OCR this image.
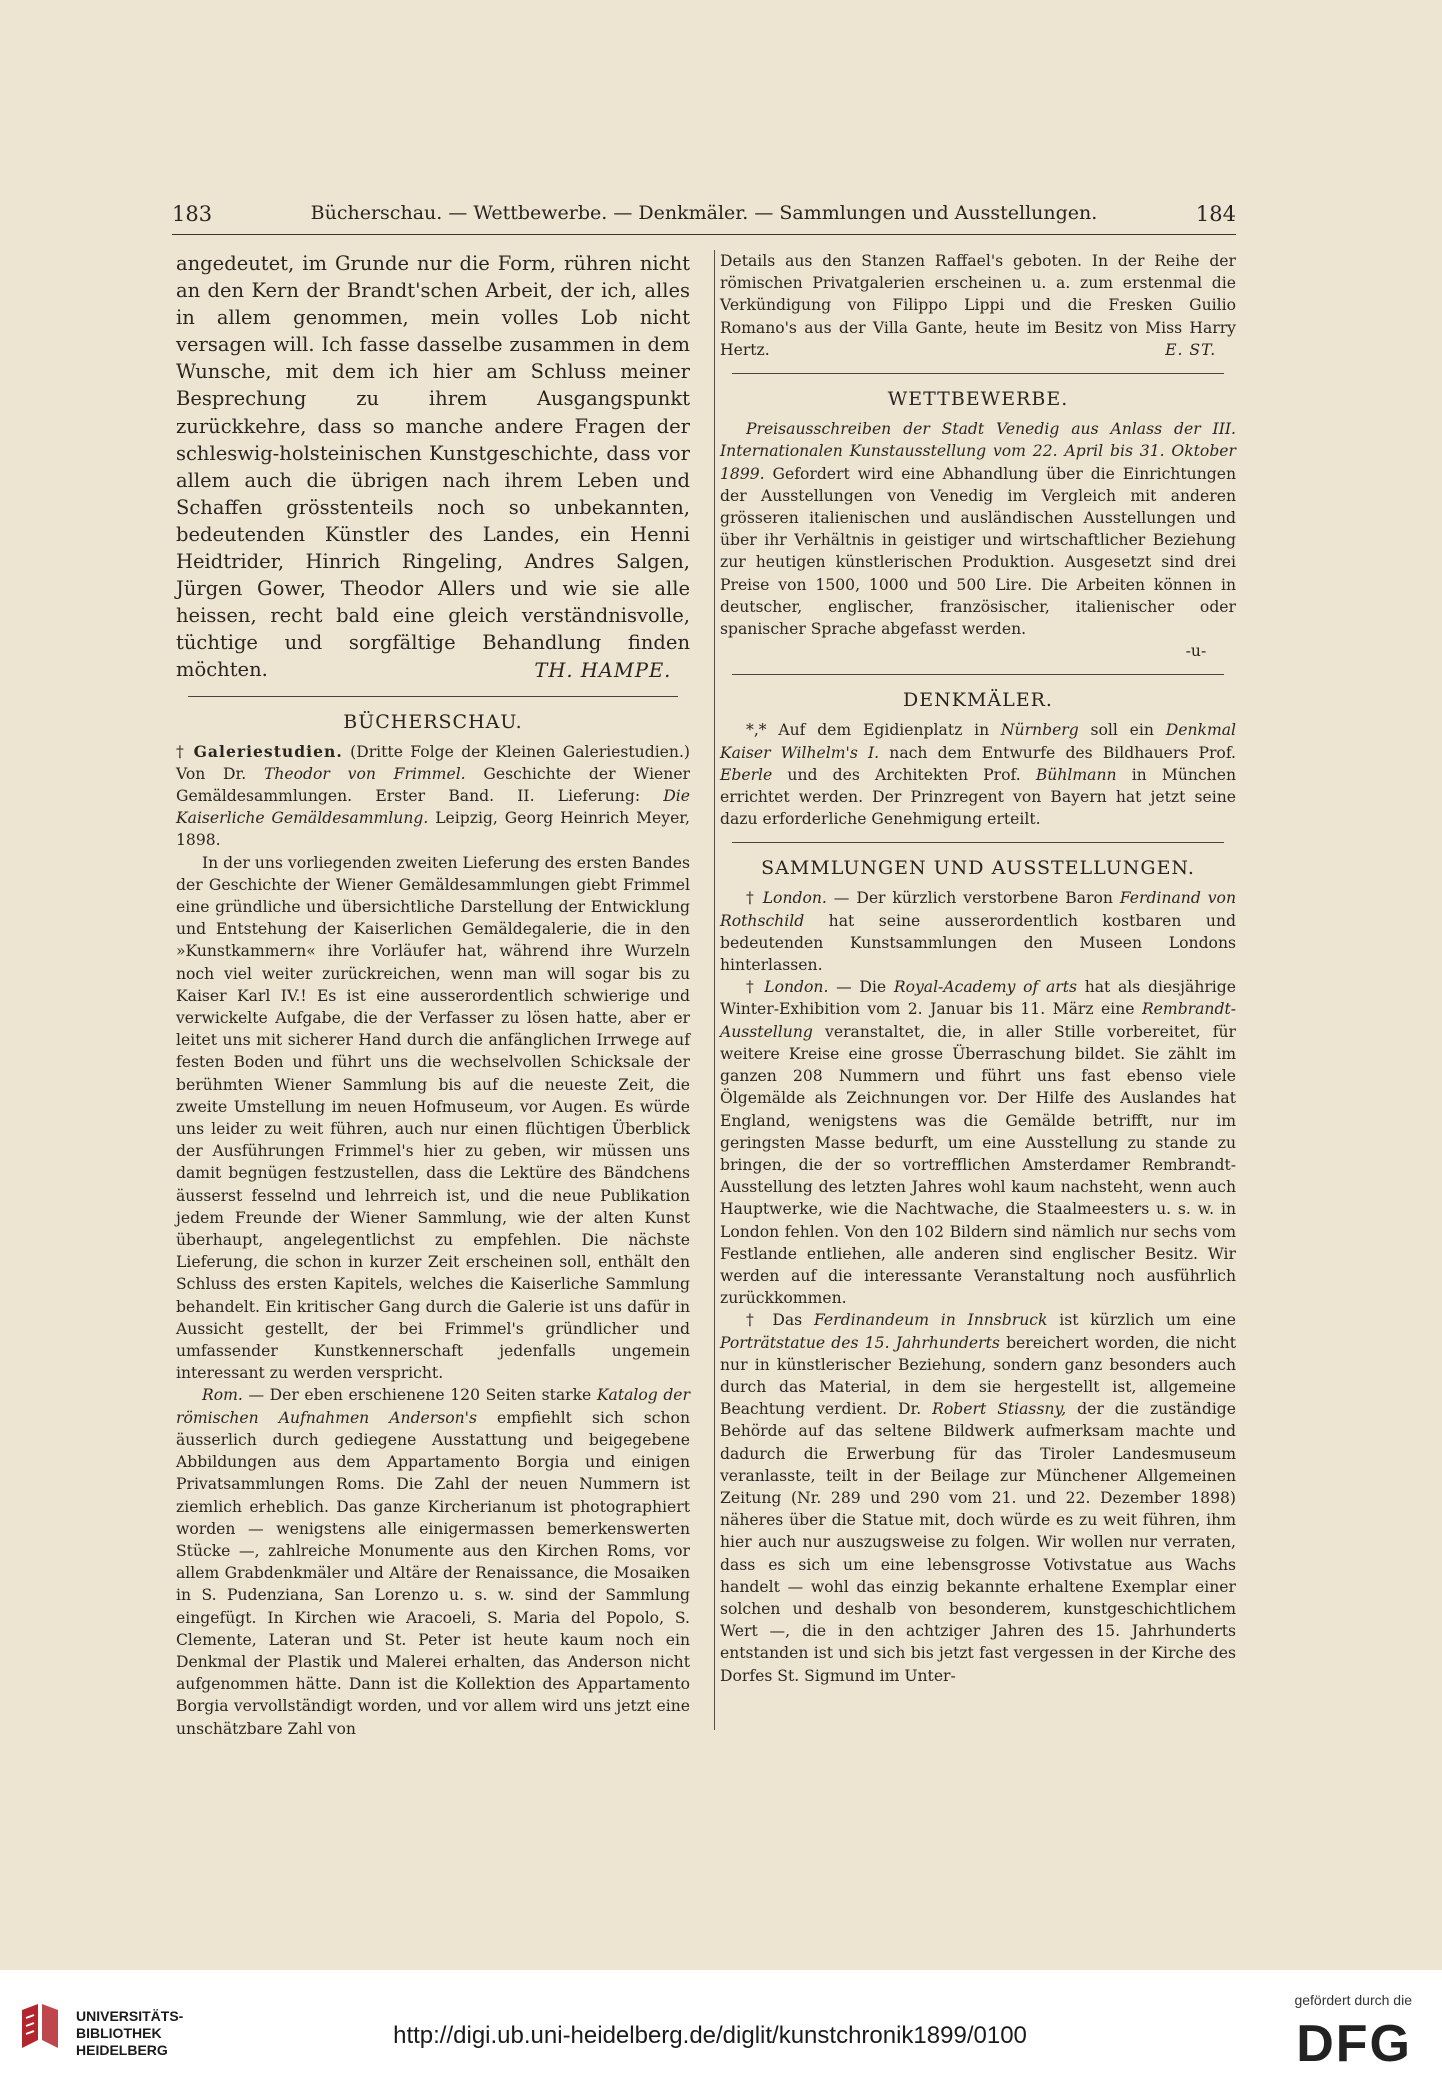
183	Bücherschau. — Wettbewerbe. — Denkmäler. — Sammlungen und Ausstellungen.	184

angedeutet, im Grunde nur die Form, rühren nicht an den Kern der Brandt'schen Arbeit, der ich, alles in allem genommen, mein volles Lob nicht versagen will. Ich fasse dasselbe zusammen in dem Wunsche, mit dem ich hier am Schluss meiner Besprechung zu ihrem Ausgangspunkt zurückkehre, dass so manche andere Fragen der schleswig-holsteinischen Kunstgeschichte, dass vor allem auch die übrigen nach ihrem Leben und Schaffen grösstenteils noch so unbekannten, bedeutenden Künstler des Landes, ein Henni Heidtrider, Hinrich Ringeling, Andres Salgen, Jürgen Gower, Theodor Allers und wie sie alle heissen, recht bald eine gleich verständnisvolle, tüchtige und sorgfältige Behandlung finden möchten.	TH. HAMPE.

BÜCHERSCHAU.

† Galeriestudien. (Dritte Folge der Kleinen Galeriestudien.) Von Dr. Theodor von Frimmel. Geschichte der Wiener Gemäldesammlungen. Erster Band. II. Lieferung: Die Kaiserliche Gemäldesammlung. Leipzig, Georg Heinrich Meyer, 1898.

In der uns vorliegenden zweiten Lieferung des ersten Bandes der Geschichte der Wiener Gemäldesammlungen giebt Frimmel eine gründliche und übersichtliche Darstellung der Entwicklung und Entstehung der Kaiserlichen Gemäldegalerie, die in den »Kunstkammern« ihre Vorläufer hat, während ihre Wurzeln noch viel weiter zurückreichen, wenn man will sogar bis zu Kaiser Karl IV.! Es ist eine ausserordentlich schwierige und verwickelte Aufgabe, die der Verfasser zu lösen hatte, aber er leitet uns mit sicherer Hand durch die anfänglichen Irrwege auf festen Boden und führt uns die wechselvollen Schicksale der berühmten Wiener Sammlung bis auf die neueste Zeit, die zweite Umstellung im neuen Hofmuseum, vor Augen. Es würde uns leider zu weit führen, auch nur einen flüchtigen Überblick der Ausführungen Frimmel's hier zu geben, wir müssen uns damit begnügen festzustellen, dass die Lektüre des Bändchens äusserst fesselnd und lehrreich ist, und die neue Publikation jedem Freunde der Wiener Sammlung, wie der alten Kunst überhaupt, angelegentlichst zu empfehlen. Die nächste Lieferung, die schon in kurzer Zeit erscheinen soll, enthält den Schluss des ersten Kapitels, welches die Kaiserliche Sammlung behandelt. Ein kritischer Gang durch die Galerie ist uns dafür in Aussicht gestellt, der bei Frimmel's gründlicher und umfassender Kunstkennerschaft jedenfalls ungemein interessant zu werden verspricht.

Rom. — Der eben erschienene 120 Seiten starke Katalog der römischen Aufnahmen Anderson's empfiehlt sich schon äusserlich durch gediegene Ausstattung und beigegebene Abbildungen aus dem Appartamento Borgia und einigen Privatsammlungen Roms. Die Zahl der neuen Nummern ist ziemlich erheblich. Das ganze Kircherianum ist photographiert worden — wenigstens alle einigermassen bemerkenswerten Stücke —, zahlreiche Monumente aus den Kirchen Roms, vor allem Grabdenkmäler und Altäre der Renaissance, die Mosaiken in S. Pudenziana, San Lorenzo u. s. w. sind der Sammlung eingefügt. In Kirchen wie Aracoeli, S. Maria del Popolo, S. Clemente, Lateran und St. Peter ist heute kaum noch ein Denkmal der Plastik und Malerei erhalten, das Anderson nicht aufgenommen hätte. Dann ist die Kollektion des Appartamento Borgia vervollständigt worden, und vor allem wird uns jetzt eine unschätzbare Zahl von

Details aus den Stanzen Raffael's geboten. In der Reihe der römischen Privatgalerien erscheinen u. a. zum erstenmal die Verkündigung von Filippo Lippi und die Fresken Guilio Romano's aus der Villa Gante, heute im Besitz von Miss Harry Hertz.	E. ST.

WETTBEWERBE.

Preisausschreiben der Stadt Venedig aus Anlass der III. Internationalen Kunstausstellung vom 22. April bis 31. Oktober 1899. Gefordert wird eine Abhandlung über die Einrichtungen der Ausstellungen von Venedig im Vergleich mit anderen grösseren italienischen und ausländischen Ausstellungen und über ihr Verhältnis in geistiger und wirtschaftlicher Beziehung zur heutigen künstlerischen Produktion. Ausgesetzt sind drei Preise von 1500, 1000 und 500 Lire. Die Arbeiten können in deutscher, englischer, französischer, italienischer oder spanischer Sprache abgefasst werden.

-u-

DENKMÄLER.

*‚* Auf dem Egidienplatz in Nürnberg soll ein Denkmal Kaiser Wilhelm's I. nach dem Entwurfe des Bildhauers Prof. Eberle und des Architekten Prof. Bühlmann in München errichtet werden. Der Prinzregent von Bayern hat jetzt seine dazu erforderliche Genehmigung erteilt.

SAMMLUNGEN UND AUSSTELLUNGEN.

† London. — Der kürzlich verstorbene Baron Ferdinand von Rothschild hat seine ausserordentlich kostbaren und bedeutenden Kunstsammlungen den Museen Londons hinterlassen.

† London. — Die Royal-Academy of arts hat als diesjährige Winter-Exhibition vom 2. Januar bis 11. März eine Rembrandt-Ausstellung veranstaltet, die, in aller Stille vorbereitet, für weitere Kreise eine grosse Überraschung bildet. Sie zählt im ganzen 208 Nummern und führt uns fast ebenso viele Ölgemälde als Zeichnungen vor. Der Hilfe des Auslandes hat England, wenigstens was die Gemälde betrifft, nur im geringsten Masse bedurft, um eine Ausstellung zu stande zu bringen, die der so vortrefflichen Amsterdamer Rembrandt-Ausstellung des letzten Jahres wohl kaum nachsteht, wenn auch Hauptwerke, wie die Nachtwache, die Staalmeesters u. s. w. in London fehlen. Von den 102 Bildern sind nämlich nur sechs vom Festlande entliehen, alle anderen sind englischer Besitz. Wir werden auf die interessante Veranstaltung noch ausführlich zurückkommen.

† Das Ferdinandeum in Innsbruck ist kürzlich um eine Porträtstatue des 15. Jahrhunderts bereichert worden, die nicht nur in künstlerischer Beziehung, sondern ganz besonders auch durch das Material, in dem sie hergestellt ist, allgemeine Beachtung verdient. Dr. Robert Stiassny, der die zuständige Behörde auf das seltene Bildwerk aufmerksam machte und dadurch die Erwerbung für das Tiroler Landesmuseum veranlasste, teilt in der Beilage zur Münchener Allgemeinen Zeitung (Nr. 289 und 290 vom 21. und 22. Dezember 1898) näheres über die Statue mit, doch würde es zu weit führen, ihm hier auch nur auszugsweise zu folgen. Wir wollen nur verraten, dass es sich um eine lebensgrosse Votivstatue aus Wachs handelt — wohl das einzig bekannte erhaltene Exemplar einer solchen und deshalb von besonderem, kunstgeschichtlichem Wert —, die in den achtziger Jahren des 15. Jahrhunderts entstanden ist und sich bis jetzt fast vergessen in der Kirche des Dorfes St. Sigmund im Unter-

UNIVERSITÄTS-
BIBLIOTHEK
HEIDELBERG
http://digi.ub.uni-heidelberg.de/diglit/kunstchronik1899/0100
gefördert durch die
DFG
